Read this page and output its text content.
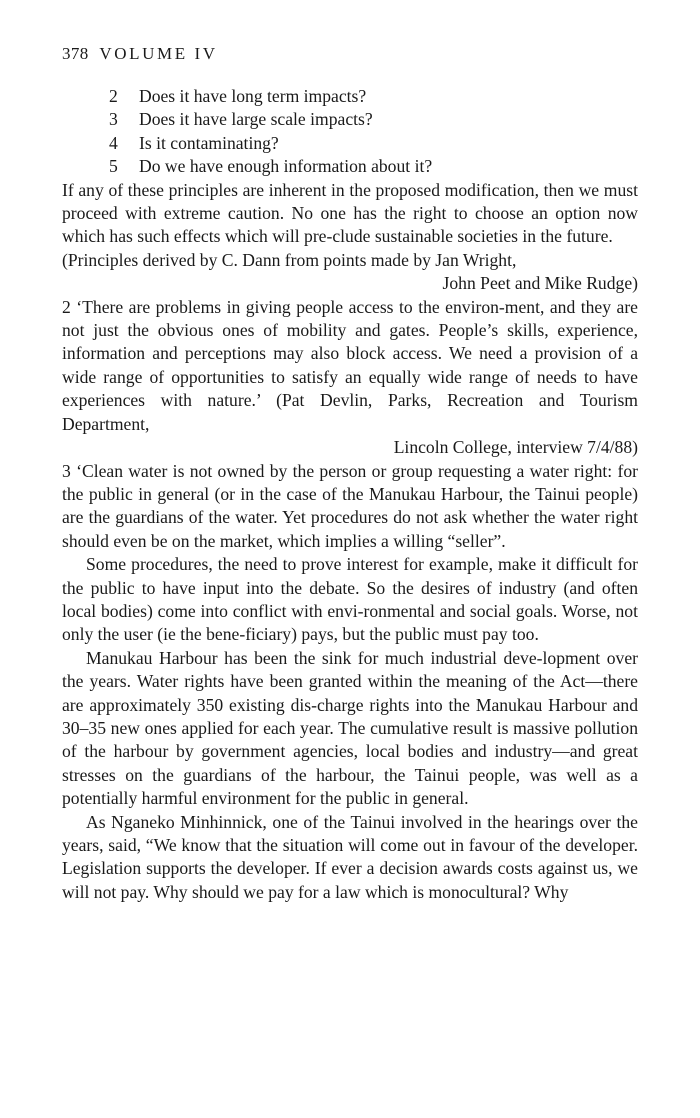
378 VOLUME IV
2 Does it have long term impacts?
3 Does it have large scale impacts?
4 Is it contaminating?
5 Do we have enough information about it?

If any of these principles are inherent in the proposed modification, then we must proceed with extreme caution. No one has the right to choose an option now which has such effects which will pre-clude sustainable societies in the future.

(Principles derived by C. Dann from points made by Jan Wright,

John Peet and Mike Rudge)

2 ‘There are problems in giving people access to the environ-ment, and they are not just the obvious ones of mobility and gates. People’s skills, experience, information and perceptions may also block access. We need a provision of a wide range of opportunities to satisfy an equally wide range of needs to have experiences with nature.’ (Pat Devlin, Parks, Recreation and Tourism Department,

Lincoln College, interview 7/4/88)

3 ‘Clean water is not owned by the person or group requesting a water right: for the public in general (or in the case of the Manukau Harbour, the Tainui people) are the guardians of the water. Yet procedures do not ask whether the water right should even be on the market, which implies a willing “seller”.

Some procedures, the need to prove interest for example, make it difficult for the public to have input into the debate. So the desires of industry (and often local bodies) come into conflict with envi-ronmental and social goals. Worse, not only the user (ie the bene-ficiary) pays, but the public must pay too.

Manukau Harbour has been the sink for much industrial deve-lopment over the years. Water rights have been granted within the meaning of the Act—there are approximately 350 existing dis-charge rights into the Manukau Harbour and 30–35 new ones applied for each year. The cumulative result is massive pollution of the harbour by government agencies, local bodies and industry—and great stresses on the guardians of the harbour, the Tainui people, was well as a potentially harmful environment for the public in general.

As Nganeko Minhinnick, one of the Tainui involved in the hearings over the years, said, “We know that the situation will come out in favour of the developer. Legislation supports the developer. If ever a decision awards costs against us, we will not pay. Why should we pay for a law which is monocultural? Why
